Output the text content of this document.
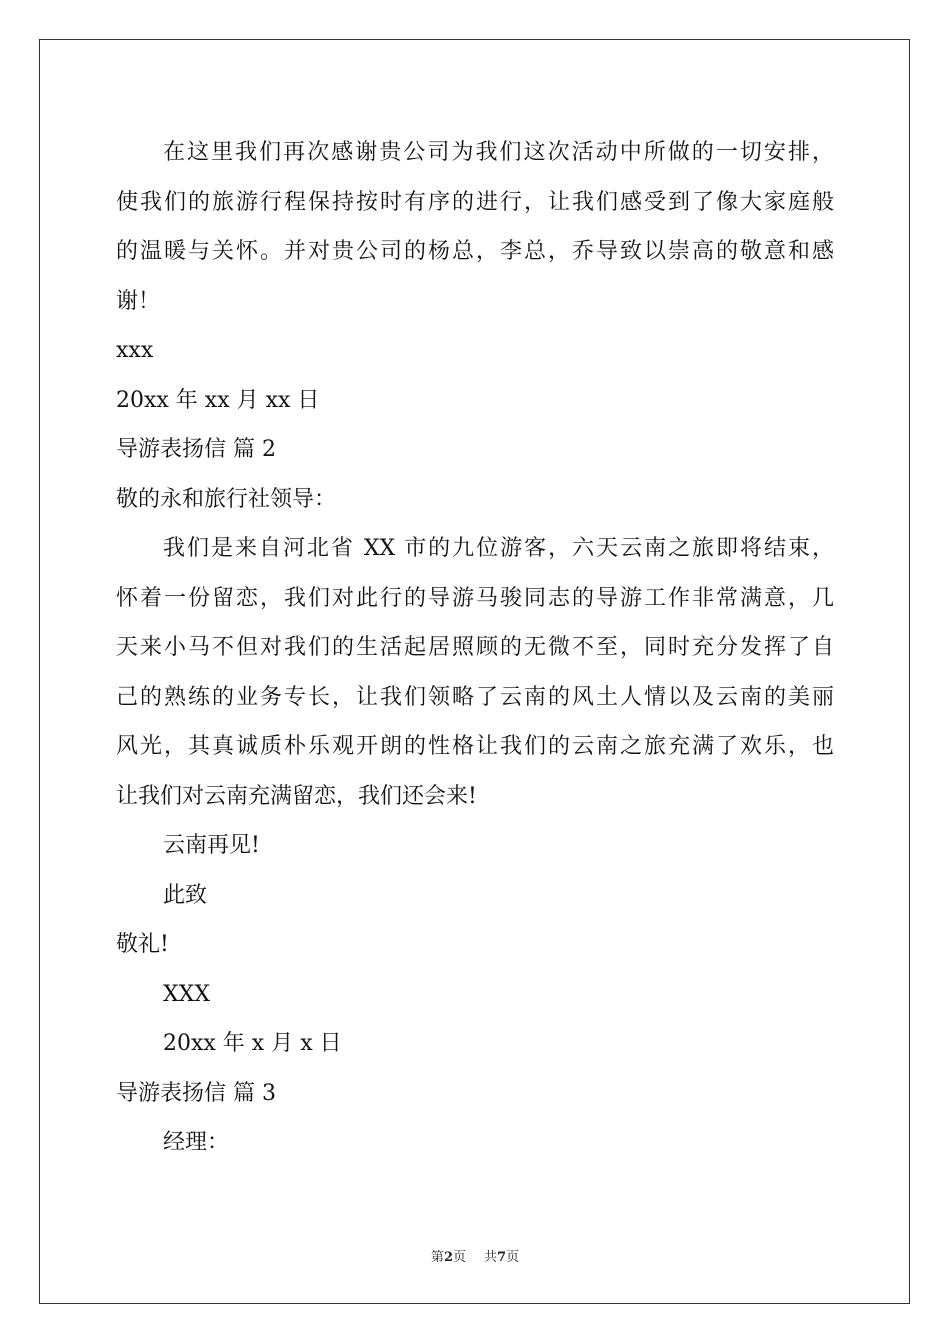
在这里我们再次感谢贵公司为我们这次活动中所做的一切安排，
使我们的旅游行程保持按时有序的进行，让我们感受到了像大家庭般
的温暖与关怀。并对贵公司的杨总，李总，乔导致以崇高的敬意和感
谢！
xxx
20xx 年 xx 月 xx 日
导游表扬信 篇 2
敬的永和旅行社领导：
我们是来自河北省 XX 市的九位游客，六天云南之旅即将结束，
怀着一份留恋，我们对此行的导游马骏同志的导游工作非常满意，几
天来小马不但对我们的生活起居照顾的无微不至，同时充分发挥了自
己的熟练的业务专长，让我们领略了云南的风土人情以及云南的美丽
风光，其真诚质朴乐观开朗的性格让我们的云南之旅充满了欢乐，也
让我们对云南充满留恋，我们还会来!
云南再见!
此致
敬礼!
XXX
20xx 年 x 月 x 日
导游表扬信 篇 3
经理：
第2页 共7页
